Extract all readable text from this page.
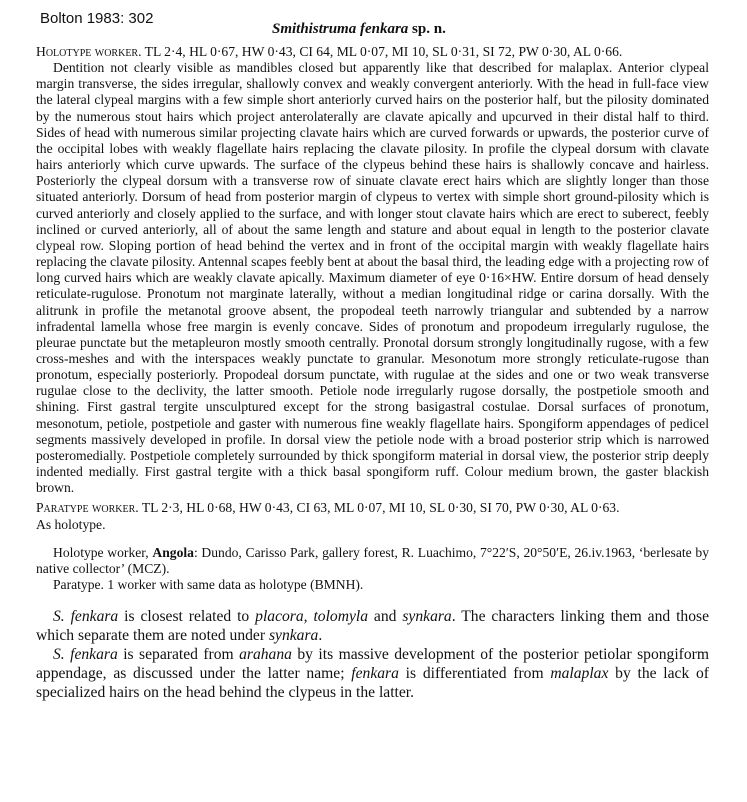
Bolton 1983: 302
Smithistruma fenkara sp. n.

Holotype worker. TL 2·4, HL 0·67, HW 0·43, CI 64, ML 0·07, MI 10, SL 0·31, SI 72, PW 0·30, AL 0·66.

Dentition not clearly visible as mandibles closed but apparently like that described for malaplax. Anterior clypeal margin transverse, the sides irregular, shallowly convex and weakly convergent anteriorly. With the head in full-face view the lateral clypeal margins with a few simple short anteriorly curved hairs on the posterior half, but the pilosity dominated by the numerous stout hairs which project anterolaterally are clavate apically and upcurved in their distal half to third. Sides of head with numerous similar projecting clavate hairs which are curved forwards or upwards, the posterior curve of the occipital lobes with weakly flagellate hairs replacing the clavate pilosity. In profile the clypeal dorsum with clavate hairs anteriorly which curve upwards. The surface of the clypeus behind these hairs is shallowly concave and hairless. Posteriorly the clypeal dorsum with a transverse row of sinuate clavate erect hairs which are slightly longer than those situated anteriorly. Dorsum of head from posterior margin of clypeus to vertex with simple short ground-pilosity which is curved anteriorly and closely applied to the surface, and with longer stout clavate hairs which are erect to suberect, feebly inclined or curved anteriorly, all of about the same length and stature and about equal in length to the posterior clavate clypeal row. Sloping portion of head behind the vertex and in front of the occipital margin with weakly flagellate hairs replacing the clavate pilosity. Antennal scapes feebly bent at about the basal third, the leading edge with a projecting row of long curved hairs which are weakly clavate apically. Maximum diameter of eye 0·16×HW. Entire dorsum of head densely reticulate-rugulose. Pronotum not marginate laterally, without a median longitudinal ridge or carina dorsally. With the alitrunk in profile the metanotal groove absent, the propodeal teeth narrowly triangular and subtended by a narrow infradental lamella whose free margin is evenly concave. Sides of pronotum and propodeum irregularly rugulose, the pleurae punctate but the metapleuron mostly smooth centrally. Pronotal dorsum strongly longitudinally rugose, with a few cross-meshes and with the interspaces weakly punctate to granular. Mesonotum more strongly reticulate-rugose than pronotum, especially posteriorly. Propodeal dorsum punctate, with rugulae at the sides and one or two weak transverse rugulae close to the declivity, the latter smooth. Petiole node irregularly rugose dorsally, the postpetiole smooth and shining. First gastral tergite unsculptured except for the strong basigastral costulae. Dorsal surfaces of pronotum, mesonotum, petiole, postpetiole and gaster with numerous fine weakly flagellate hairs. Spongiform appendages of pedicel segments massively developed in profile. In dorsal view the petiole node with a broad posterior strip which is narrowed posteromedially. Postpetiole completely surrounded by thick spongiform material in dorsal view, the posterior strip deeply indented medially. First gastral tergite with a thick basal spongiform ruff. Colour medium brown, the gaster blackish brown.

Paratype worker. TL 2·3, HL 0·68, HW 0·43, CI 63, ML 0·07, MI 10, SL 0·30, SI 70, PW 0·30, AL 0·63.

As holotype.

Holotype worker, Angola: Dundo, Carisso Park, gallery forest, R. Luachimo, 7°22′S, 20°50′E, 26.iv.1963, ‘berlesate by native collector’ (MCZ).

Paratype. 1 worker with same data as holotype (BMNH).

S. fenkara is closest related to placora, tolomyla and synkara. The characters linking them and those which separate them are noted under synkara.

S. fenkara is separated from arahana by its massive development of the posterior petiolar spongiform appendage, as discussed under the latter name; fenkara is differentiated from malaplax by the lack of specialized hairs on the head behind the clypeus in the latter.
